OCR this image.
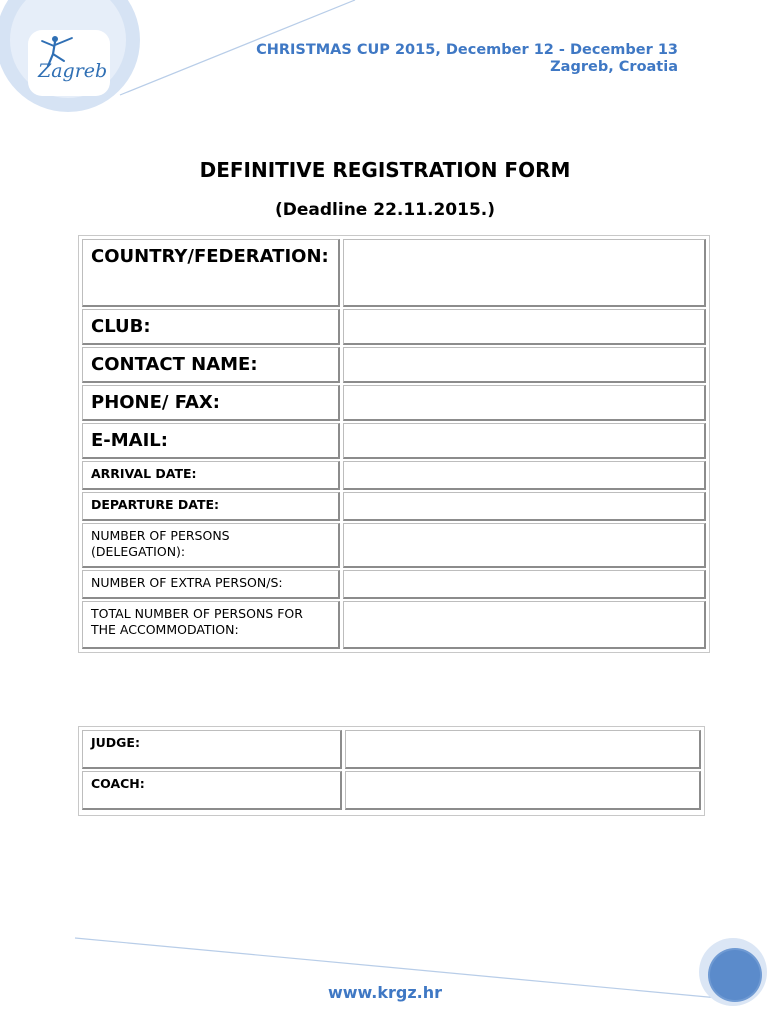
Zagreb
CHRISTMAS CUP 2015, December 12 - December 13
Zagreb, Croatia
DEFINITIVE REGISTRATION FORM
(Deadline 22.11.2015.)
COUNTRY/FEDERATION:
CLUB:
CONTACT NAME:
PHONE/ FAX:
E-MAIL:
ARRIVAL DATE:
DEPARTURE DATE:
NUMBER OF PERSONS (DELEGATION):
NUMBER OF EXTRA PERSON/S:
TOTAL NUMBER OF PERSONS FOR THE ACCOMMODATION:
JUDGE:
COACH:
www.krgz.hr
